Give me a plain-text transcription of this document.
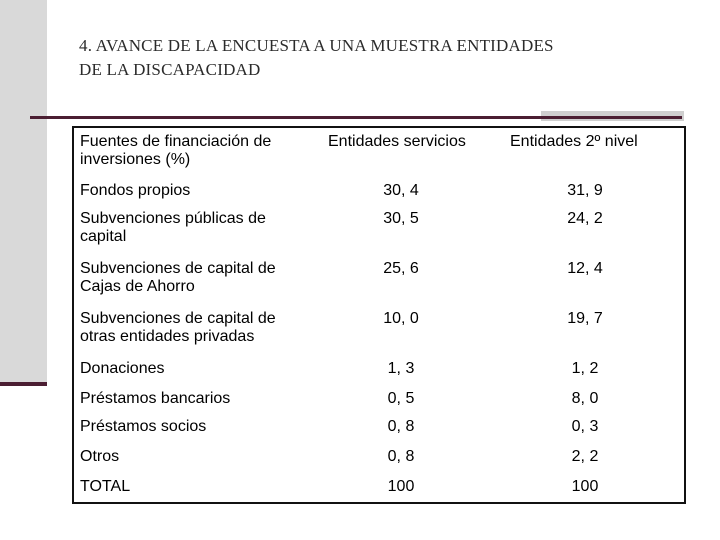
4. AVANCE DE LA ENCUESTA A UNA MUESTRA ENTIDADES
DE LA DISCAPACIDAD
Fuentes de financiación de inversiones (%)	Entidades servicios	Entidades 2º nivel
Fondos propios	30, 4	31, 9
Subvenciones públicas de capital	30, 5	24, 2
Subvenciones de capital de Cajas de Ahorro	25, 6	12, 4
Subvenciones de capital de otras entidades privadas	10, 0	19, 7
Donaciones	1, 3	1, 2
Préstamos bancarios	0, 5	8, 0
Préstamos socios	0, 8	0, 3
Otros	0, 8	2, 2
TOTAL	100	100
